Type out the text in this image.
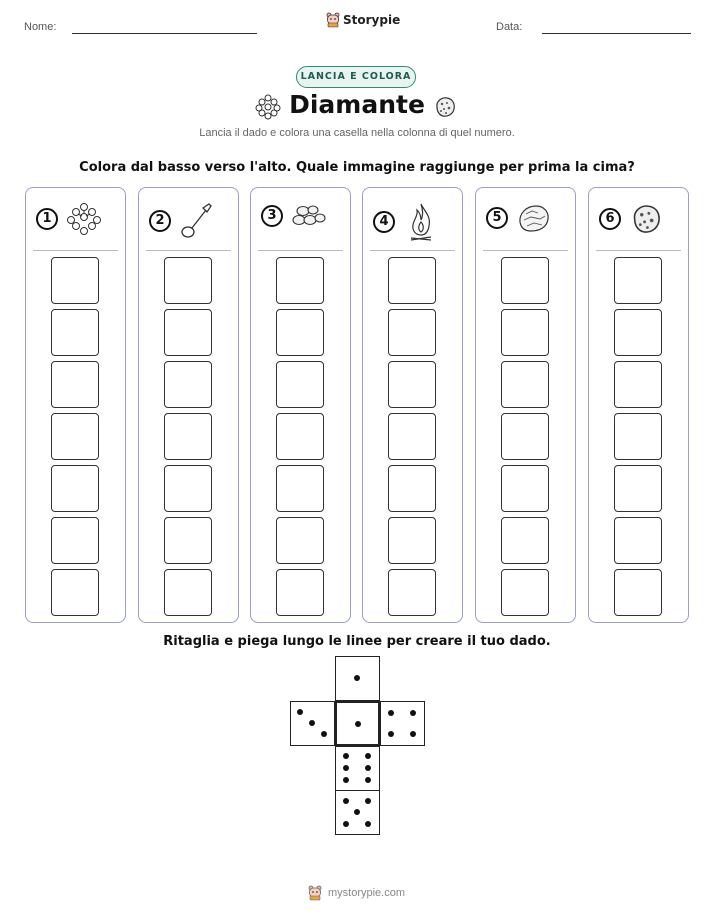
Nome:	Storypie	Data:
LANCIA E COLORA
Diamante
Lancia il dado e colora una casella nella colonna di quel numero.
Colora dal basso verso l'alto. Quale immagine raggiunge per prima la cima?
1	2	3	4	5	6
Ritaglia e piega lungo le linee per creare il tuo dado.
mystorypie.com
